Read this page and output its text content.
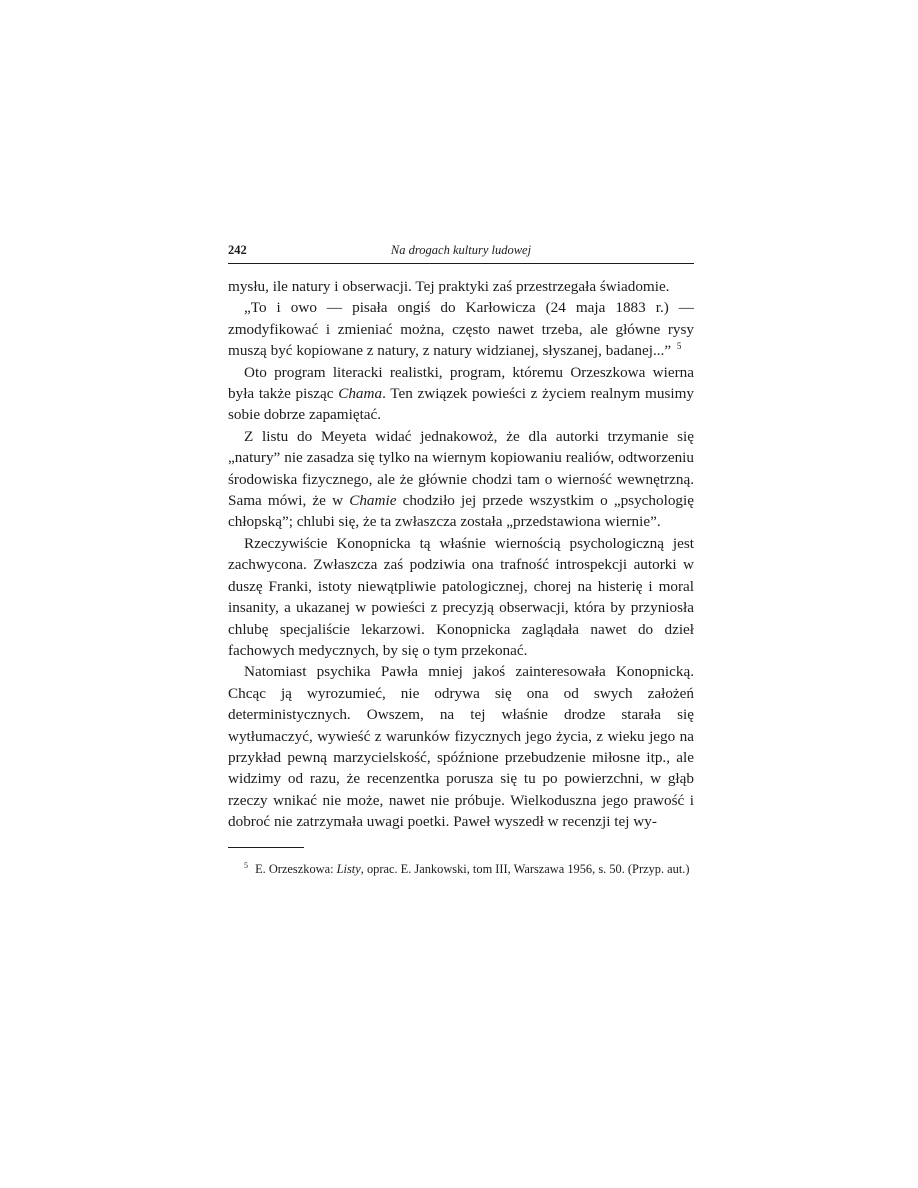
242	Na drogach kultury ludowej

mysłu, ile natury i obserwacji. Tej praktyki zaś przestrzegała świadomie.

„To i owo — pisała ongiś do Karłowicza (24 maja 1883 r.) — zmodyfikować i zmieniać można, często nawet trzeba, ale główne rysy muszą być kopiowane z natury, z natury widzianej, słyszanej, badanej...” $^5$

Oto program literacki realistki, program, któremu Orzeszkowa wierna była także pisząc Chama. Ten związek powieści z życiem realnym musimy sobie dobrze zapamiętać.

Z listu do Meyeta widać jednakowoż, że dla autorki trzymanie się „natury” nie zasadza się tylko na wiernym kopiowaniu realiów, odtworzeniu środowiska fizycznego, ale że głównie chodzi tam o wierność wewnętrzną. Sama mówi, że w Chamie chodziło jej przede wszystkim o „psychologię chłopską”; chlubi się, że ta zwłaszcza została „przedstawiona wiernie”.

Rzeczywiście Konopnicka tą właśnie wiernością psychologiczną jest zachwycona. Zwłaszcza zaś podziwia ona trafność introspekcji autorki w duszę Franki, istoty niewątpliwie patologicznej, chorej na histerię i moral insanity, a ukazanej w powieści z precyzją obserwacji, która by przyniosła chlubę specjaliście lekarzowi. Konopnicka zaglądała nawet do dzieł fachowych medycznych, by się o tym przekonać.

Natomiast psychika Pawła mniej jakoś zainteresowała Konopnicką. Chcąc ją wyrozumieć, nie odrywa się ona od swych założeń deterministycznych. Owszem, na tej właśnie drodze starała się wytłumaczyć, wywieść z warunków fizycznych jego życia, z wieku jego na przykład pewną marzycielskość, spóźnione przebudzenie miłosne itp., ale widzimy od razu, że recenzentka porusza się tu po powierzchni, w głąb rzeczy wnikać nie może, nawet nie próbuje. Wielkoduszna jego prawość i dobroć nie zatrzymała uwagi poetki. Paweł wyszedł w recenzji tej wy-

$^5$ E. Orzeszkowa: Listy, oprac. E. Jankowski, tom III, Warszawa 1956, s. 50. (Przyp. aut.)
